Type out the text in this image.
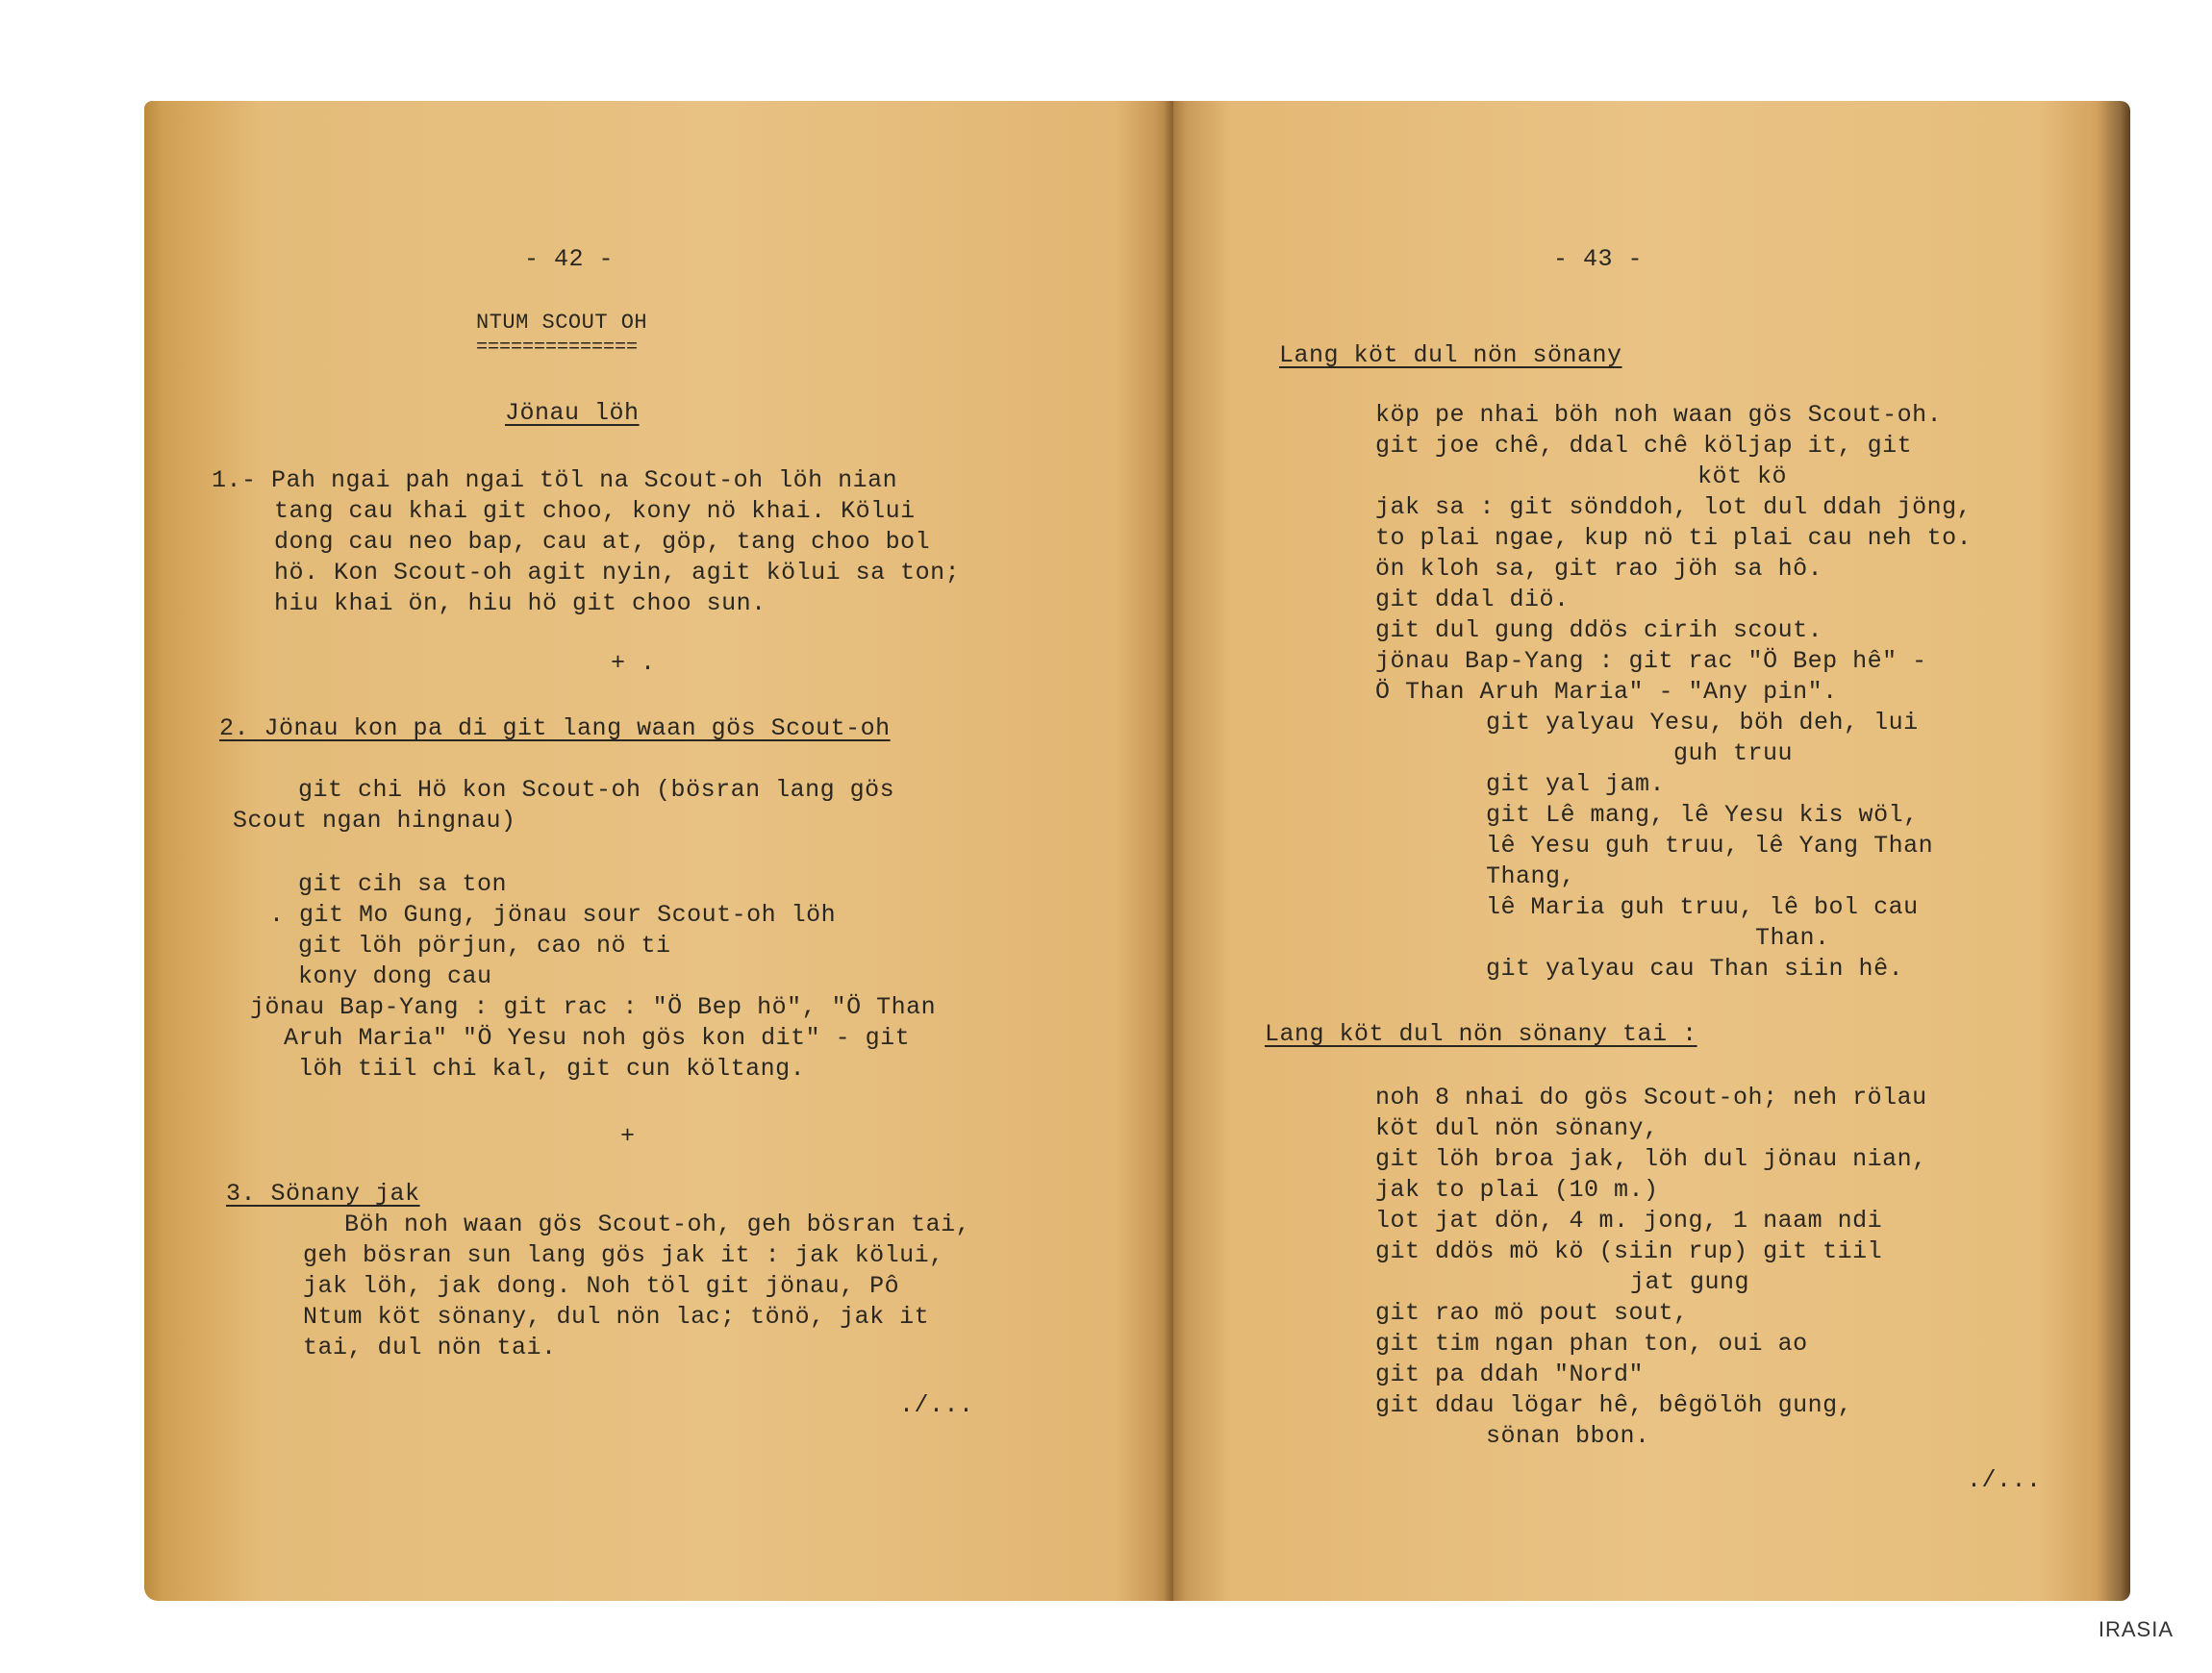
- 42 -
NTUM SCOUT OH
==============
Jönau löh
1.- Pah ngai pah ngai töl na Scout-oh löh nian
tang cau khai git choo, kony nö khai. Kölui
dong cau neo bap, cau at, göp, tang choo bol
hö. Kon Scout-oh agit nyin, agit kölui sa ton;
hiu khai ön, hiu hö git choo sun.
+ .
2. Jönau kon pa di git lang waan gös Scout-oh
git chi Hö kon Scout-oh (bösran lang gös
Scout ngan hingnau)
git cih sa ton
. git Mo Gung, jönau sour Scout-oh löh
git löh pörjun, cao nö ti
kony dong cau
jönau Bap-Yang : git rac : "Ö Bep hö", "Ö Than
Aruh Maria" "Ö Yesu noh gös kon dit" - git
löh tiil chi kal, git cun költang.
+
3. Sönany jak
Böh noh waan gös Scout-oh, geh bösran tai,
geh bösran sun lang gös jak it : jak kölui,
jak löh, jak dong. Noh töl git jönau, Pô
Ntum köt sönany, dul nön lac; tönö, jak it
tai, dul nön tai.
./...
- 43 -
Lang köt dul nön sönany
köp pe nhai böh noh waan gös Scout-oh.
git joe chê, ddal chê köljap it, git
köt kö
jak sa : git sönddoh, lot dul ddah jöng,
to plai ngae, kup nö ti plai cau neh to.
ön kloh sa, git rao jöh sa hô.
git ddal diö.
git dul gung ddös cirih scout.
jönau Bap-Yang : git rac "Ö Bep hê" -
Ö Than Aruh Maria" - "Any pin".
git yalyau Yesu, böh deh, lui
guh truu
git yal jam.
git Lê mang, lê Yesu kis wöl,
lê Yesu guh truu, lê Yang Than
Thang,
lê Maria guh truu, lê bol cau
Than.
git yalyau cau Than siin hê.
Lang köt dul nön sönany tai :
noh 8 nhai do gös Scout-oh; neh rölau
köt dul nön sönany,
git löh broa jak, löh dul jönau nian,
jak to plai (10 m.)
lot jat dön, 4 m. jong, 1 naam ndi
git ddös mö kö (siin rup) git tiil
jat gung
git rao mö pout sout,
git tim ngan phan ton, oui ao
git pa ddah "Nord"
git ddau lögar hê, bêgölöh gung,
sönan bbon.
./...
IRASIA
